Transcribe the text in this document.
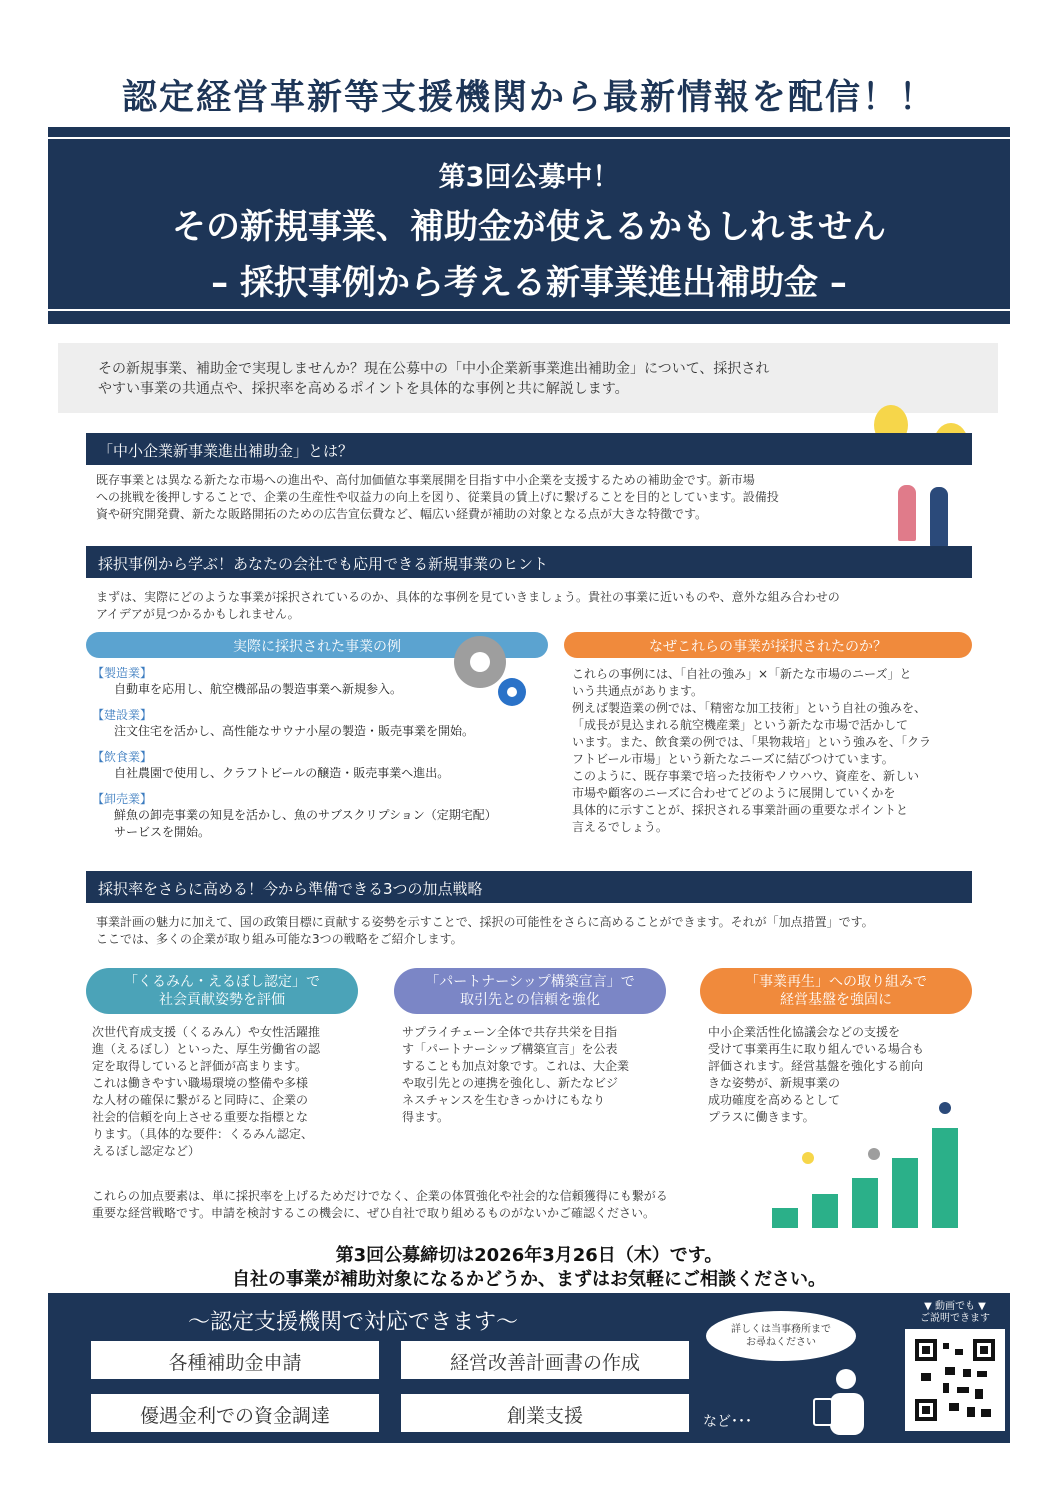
認定経営革新等支援機関から最新情報を配信！！
第3回公募中！
その新規事業、補助金が使えるかもしれません
– 採択事例から考える新事業進出補助金 –
その新規事業、補助金で実現しませんか？現在公募中の「中小企業新事業進出補助金」について、採択され
やすい事業の共通点や、採択率を高めるポイントを具体的な事例と共に解説します。
「中小企業新事業進出補助金」とは？
既存事業とは異なる新たな市場への進出や、高付加価値な事業展開を目指す中小企業を支援するための補助金です。新市場
への挑戦を後押しすることで、企業の生産性や収益力の向上を図り、従業員の賃上げに繋げることを目的としています。設備投
資や研究開発費、新たな販路開拓のための広告宣伝費など、幅広い経費が補助の対象となる点が大きな特徴です。
採択事例から学ぶ！あなたの会社でも応用できる新規事業のヒント
まずは、実際にどのような事業が採択されているのか、具体的な事例を見ていきましょう。貴社の事業に近いものや、意外な組み合わせの
アイデアが見つかるかもしれません。
実際に採択された事業の例	なぜこれらの事業が採択されたのか？
【製造業】
自動車を応用し、航空機部品の製造事業へ新規参入。
【建設業】
注文住宅を活かし、高性能なサウナ小屋の製造・販売事業を開始。
【飲食業】
自社農園で使用し、クラフトビールの醸造・販売事業へ進出。
【卸売業】
鮮魚の卸売事業の知見を活かし、魚のサブスクリプション（定期宅配）
サービスを開始。
これらの事例には、「自社の強み」×「新たな市場のニーズ」と
いう共通点があります。
例えば製造業の例では、「精密な加工技術」という自社の強みを、
「成長が見込まれる航空機産業」という新たな市場で活かして
います。また、飲食業の例では、「果物栽培」という強みを、「クラ
フトビール市場」という新たなニーズに結びつけています。
このように、既存事業で培った技術やノウハウ、資産を、新しい
市場や顧客のニーズに合わせてどのように展開していくかを
具体的に示すことが、採択される事業計画の重要なポイントと
言えるでしょう。
採択率をさらに高める！今から準備できる3つの加点戦略
事業計画の魅力に加えて、国の政策目標に貢献する姿勢を示すことで、採択の可能性をさらに高めることができます。それが「加点措置」です。
ここでは、多くの企業が取り組み可能な3つの戦略をご紹介します。
「くるみん・えるぼし認定」で
社会貢献姿勢を評価
「パートナーシップ構築宣言」で
取引先との信頼を強化
「事業再生」への取り組みで
経営基盤を強固に
次世代育成支援（くるみん）や女性活躍推
進（えるぼし）といった、厚生労働省の認
定を取得していると評価が高まります。
これは働きやすい職場環境の整備や多様
な人材の確保に繋がると同時に、企業の
社会的信頼を向上させる重要な指標とな
ります。（具体的な要件：くるみん認定、
えるぼし認定など）
サプライチェーン全体で共存共栄を目指
す「パートナーシップ構築宣言」を公表
することも加点対象です。これは、大企業
や取引先との連携を強化し、新たなビジ
ネスチャンスを生むきっかけにもなり
得ます。
中小企業活性化協議会などの支援を
受けて事業再生に取り組んでいる場合も
評価されます。経営基盤を強化する前向
きな姿勢が、新規事業の
成功確度を高めるとして
プラスに働きます。
これらの加点要素は、単に採択率を上げるためだけでなく、企業の体質強化や社会的な信頼獲得にも繋がる
重要な経営戦略です。申請を検討するこの機会に、ぜひ自社で取り組めるものがないかご確認ください。
第3回公募締切は2026年3月26日（木）です。
自社の事業が補助対象になるかどうか、まずはお気軽にご相談ください。
～認定支援機関で対応できます～
各種補助金申請	経営改善計画書の作成
優遇金利での資金調達	創業支援	など･･･
詳しくは当事務所まで
お尋ねください
▼ 動画でも ▼
ご説明できます
